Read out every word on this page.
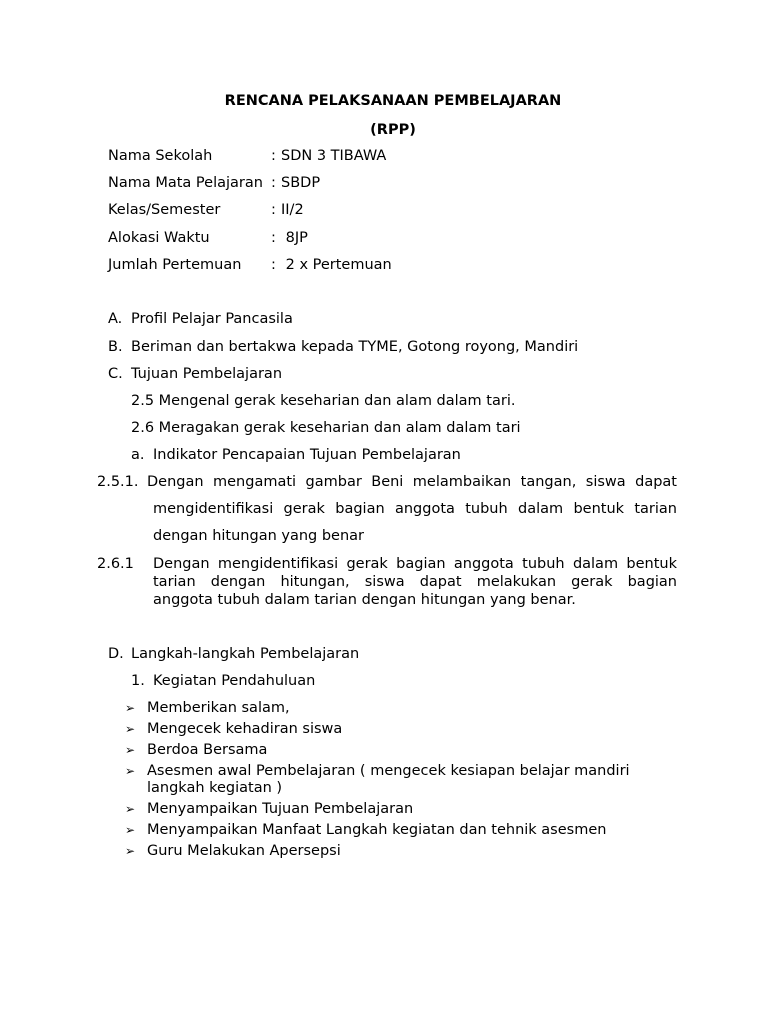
RENCANA PELAKSANAAN PEMBELAJARAN
(RPP)
Nama Sekolah	: SDN 3 TIBAWA
Nama Mata Pelajaran : SBDP
Kelas/Semester	: II/2
Alokasi Waktu	: 8JP
Jumlah Pertemuan : 2 x Pertemuan
A. Profil Pelajar Pancasila
B. Beriman dan bertakwa kepada TYME, Gotong royong, Mandiri
C. Tujuan Pembelajaran
2.5 Mengenal gerak keseharian dan alam dalam tari.
2.6 Meragakan gerak keseharian dan alam dalam tari
a. Indikator Pencapaian Tujuan Pembelajaran
2.5.1. Dengan mengamati gambar Beni melambaikan tangan, siswa dapat
mengidentifikasi gerak bagian anggota tubuh dalam bentuk tarian
dengan hitungan yang benar
2.6.1 Dengan mengidentifikasi gerak bagian anggota tubuh dalam bentuk
tarian dengan hitungan, siswa dapat melakukan gerak bagian
anggota tubuh dalam tarian dengan hitungan yang benar.
D. Langkah-langkah Pembelajaran
1. Kegiatan Pendahuluan
➢ Memberikan salam,
➢ Mengecek kehadiran siswa
➢ Berdoa Bersama
➢ Asesmen awal Pembelajaran ( mengecek kesiapan belajar mandiri
langkah kegiatan )
➢ Menyampaikan Tujuan Pembelajaran
➢ Menyampaikan Manfaat Langkah kegiatan dan tehnik asesmen
➢ Guru Melakukan Apersepsi
